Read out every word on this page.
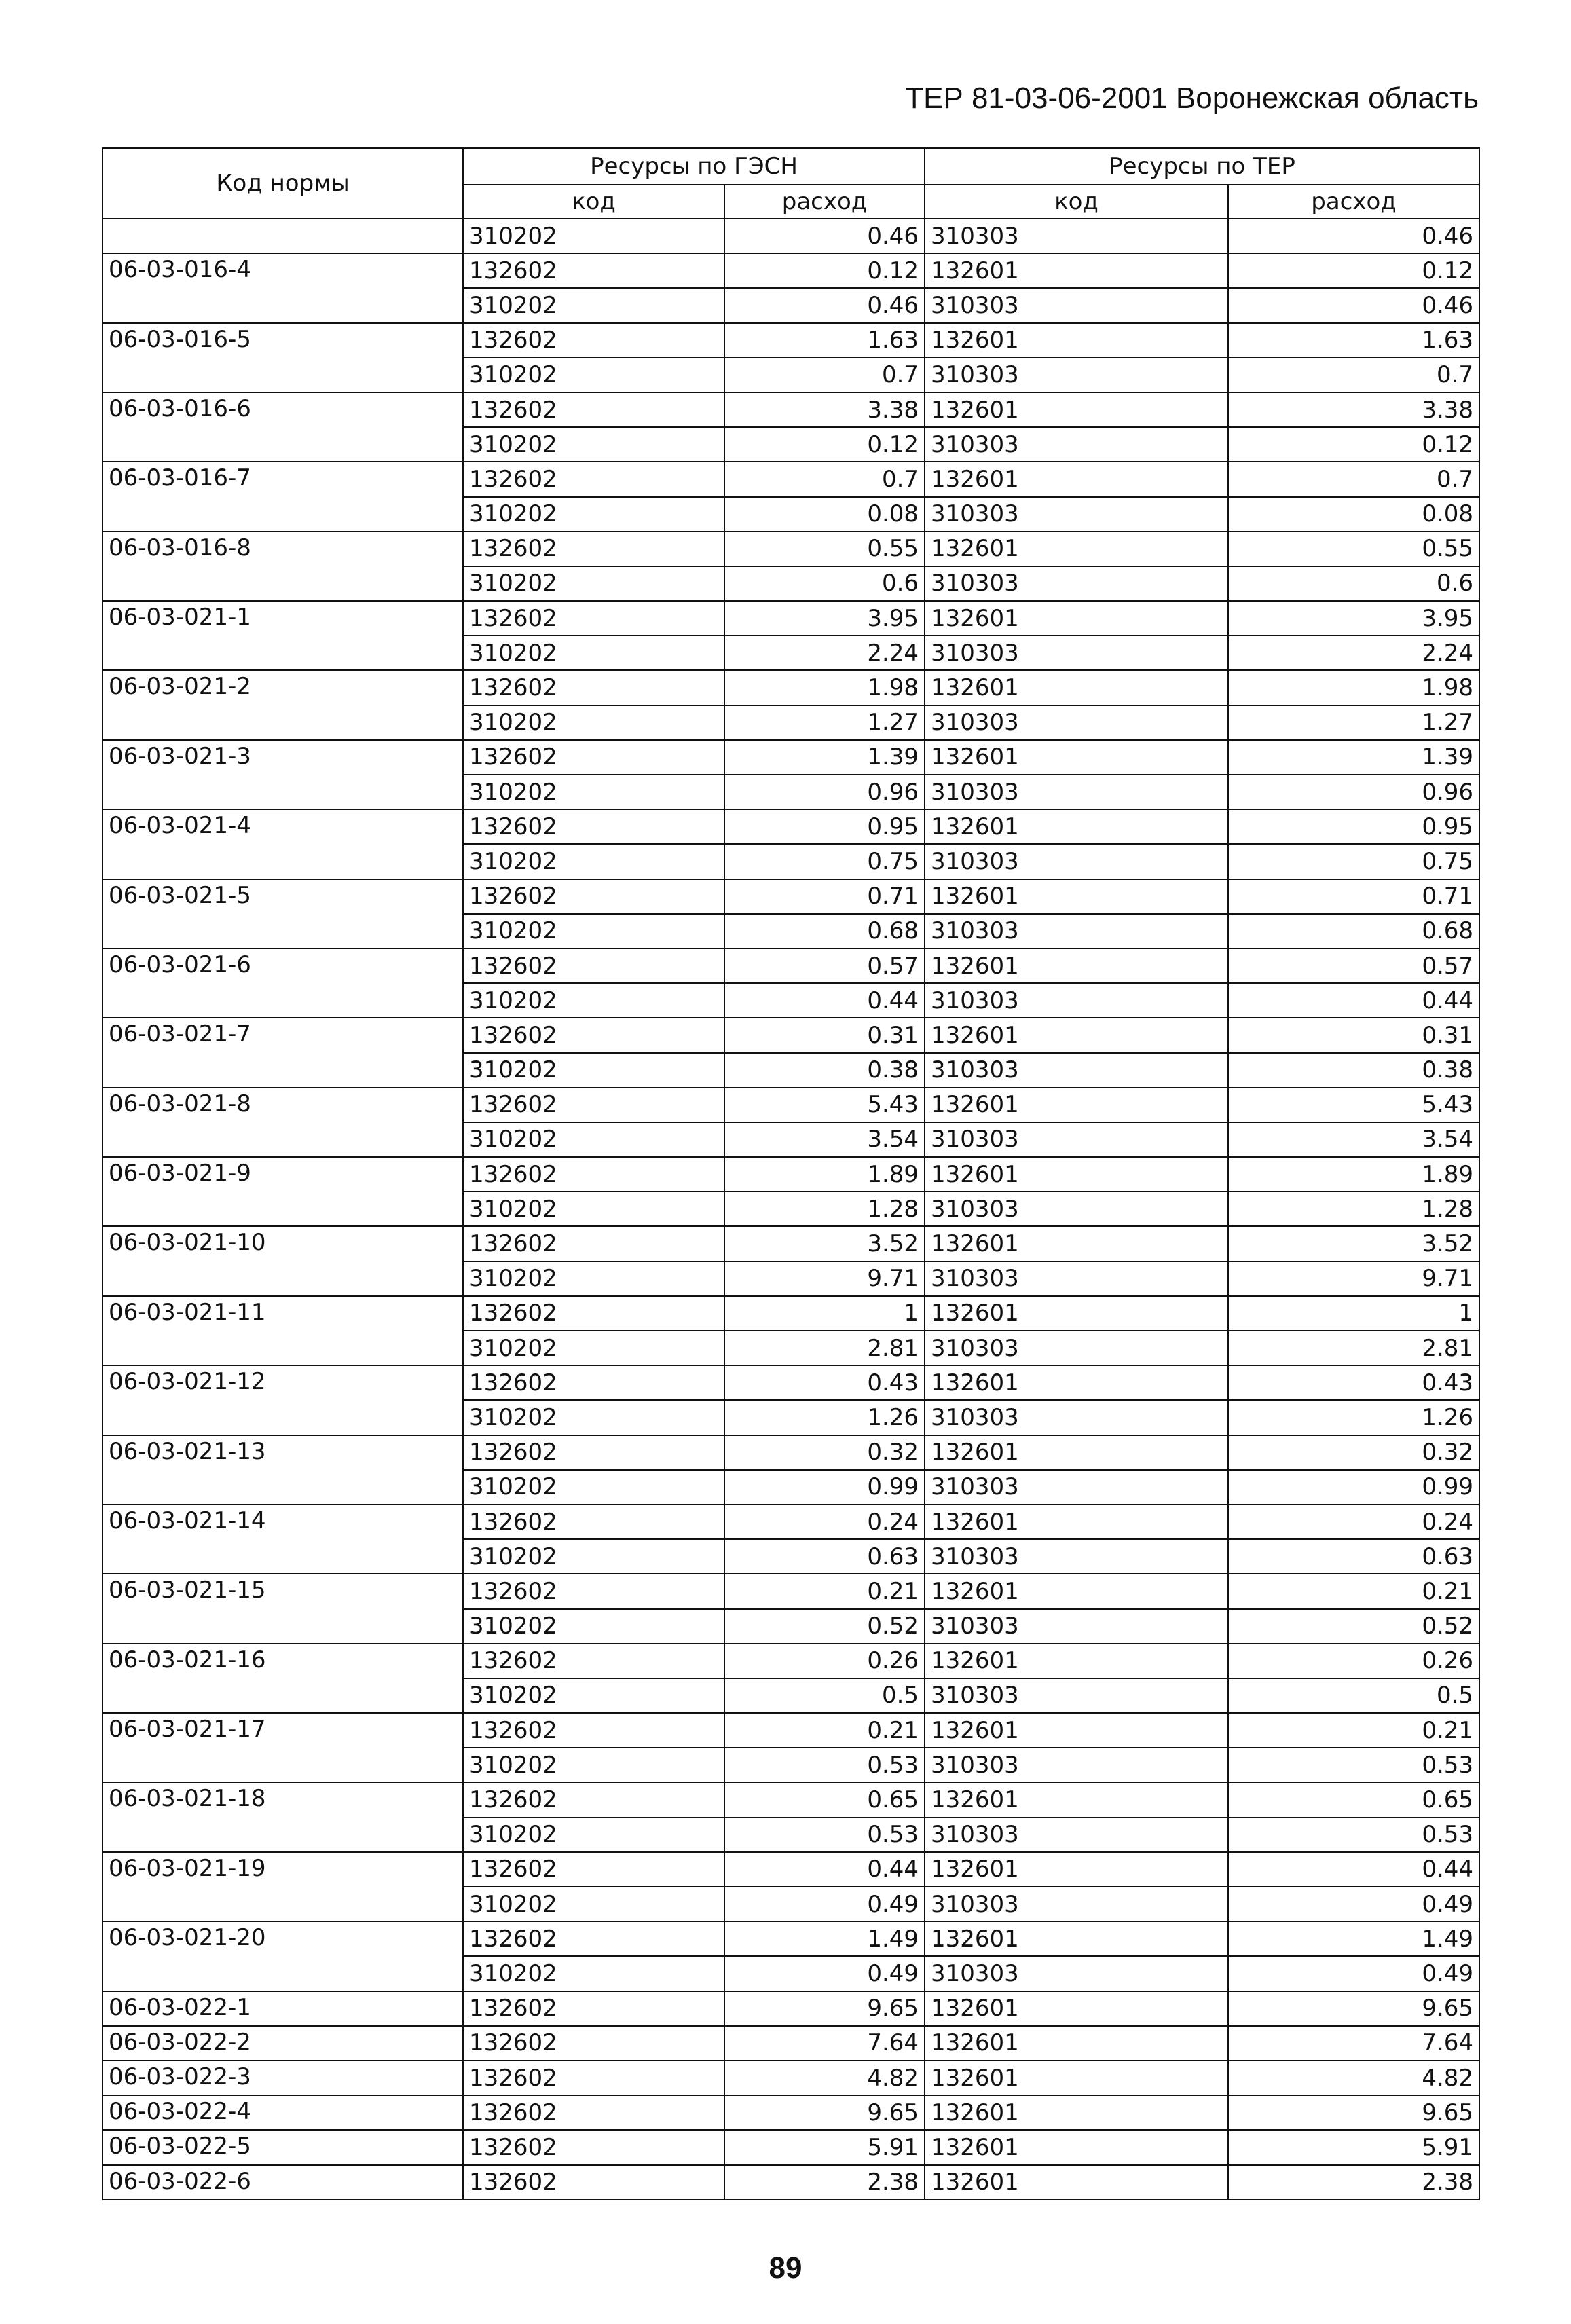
ТЕР 81-03-06-2001 Воронежская область
Код нормы	Ресурсы по ГЭСН		Ресурсы по ТЕР	
	код	расход	код	расход
	310202	0.46	310303	0.46
06-03-016-4	132602	0.12	132601	0.12
	310202	0.46	310303	0.46
06-03-016-5	132602	1.63	132601	1.63
	310202	0.7	310303	0.7
06-03-016-6	132602	3.38	132601	3.38
	310202	0.12	310303	0.12
06-03-016-7	132602	0.7	132601	0.7
	310202	0.08	310303	0.08
06-03-016-8	132602	0.55	132601	0.55
	310202	0.6	310303	0.6
06-03-021-1	132602	3.95	132601	3.95
	310202	2.24	310303	2.24
06-03-021-2	132602	1.98	132601	1.98
	310202	1.27	310303	1.27
06-03-021-3	132602	1.39	132601	1.39
	310202	0.96	310303	0.96
06-03-021-4	132602	0.95	132601	0.95
	310202	0.75	310303	0.75
06-03-021-5	132602	0.71	132601	0.71
	310202	0.68	310303	0.68
06-03-021-6	132602	0.57	132601	0.57
	310202	0.44	310303	0.44
06-03-021-7	132602	0.31	132601	0.31
	310202	0.38	310303	0.38
06-03-021-8	132602	5.43	132601	5.43
	310202	3.54	310303	3.54
06-03-021-9	132602	1.89	132601	1.89
	310202	1.28	310303	1.28
06-03-021-10	132602	3.52	132601	3.52
	310202	9.71	310303	9.71
06-03-021-11	132602	1	132601	1
	310202	2.81	310303	2.81
06-03-021-12	132602	0.43	132601	0.43
	310202	1.26	310303	1.26
06-03-021-13	132602	0.32	132601	0.32
	310202	0.99	310303	0.99
06-03-021-14	132602	0.24	132601	0.24
	310202	0.63	310303	0.63
06-03-021-15	132602	0.21	132601	0.21
	310202	0.52	310303	0.52
06-03-021-16	132602	0.26	132601	0.26
	310202	0.5	310303	0.5
06-03-021-17	132602	0.21	132601	0.21
	310202	0.53	310303	0.53
06-03-021-18	132602	0.65	132601	0.65
	310202	0.53	310303	0.53
06-03-021-19	132602	0.44	132601	0.44
	310202	0.49	310303	0.49
06-03-021-20	132602	1.49	132601	1.49
	310202	0.49	310303	0.49
06-03-022-1	132602	9.65	132601	9.65
06-03-022-2	132602	7.64	132601	7.64
06-03-022-3	132602	4.82	132601	4.82
06-03-022-4	132602	9.65	132601	9.65
06-03-022-5	132602	5.91	132601	5.91
06-03-022-6	132602	2.38	132601	2.38
89
